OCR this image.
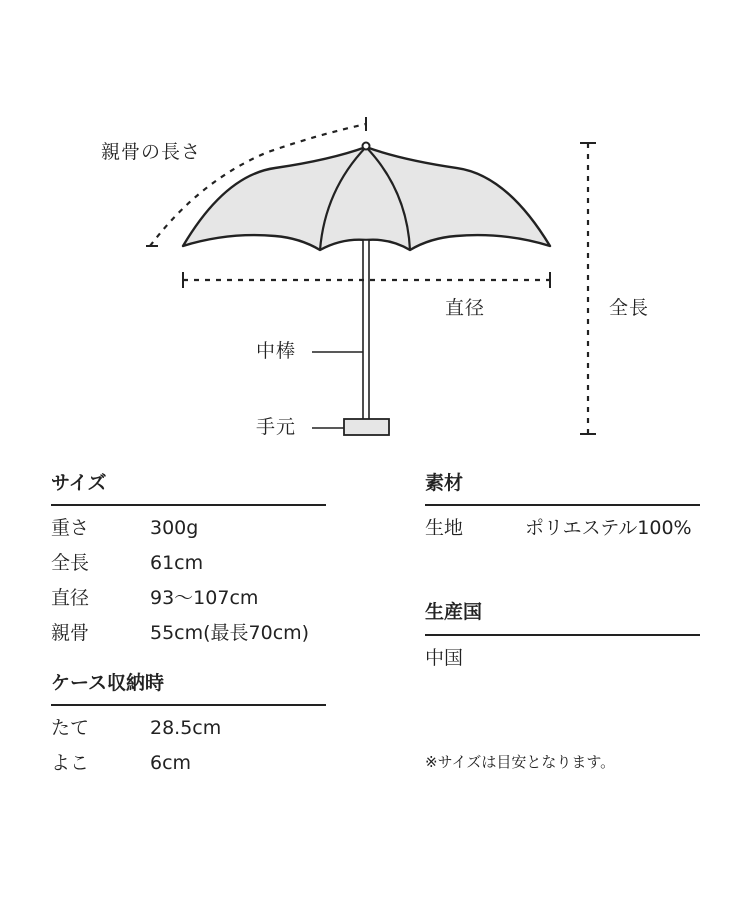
親骨の長さ
直径	全長
中棒
手元
サイズ
重さ	300g
全長	61cm
直径	93〜107cm
親骨	55cm(最長70cm)
ケース収納時
たて	28.5cm
よこ	6cm
素材
生地	ポリエステル100%
生産国
中国
※サイズは目安となります。
